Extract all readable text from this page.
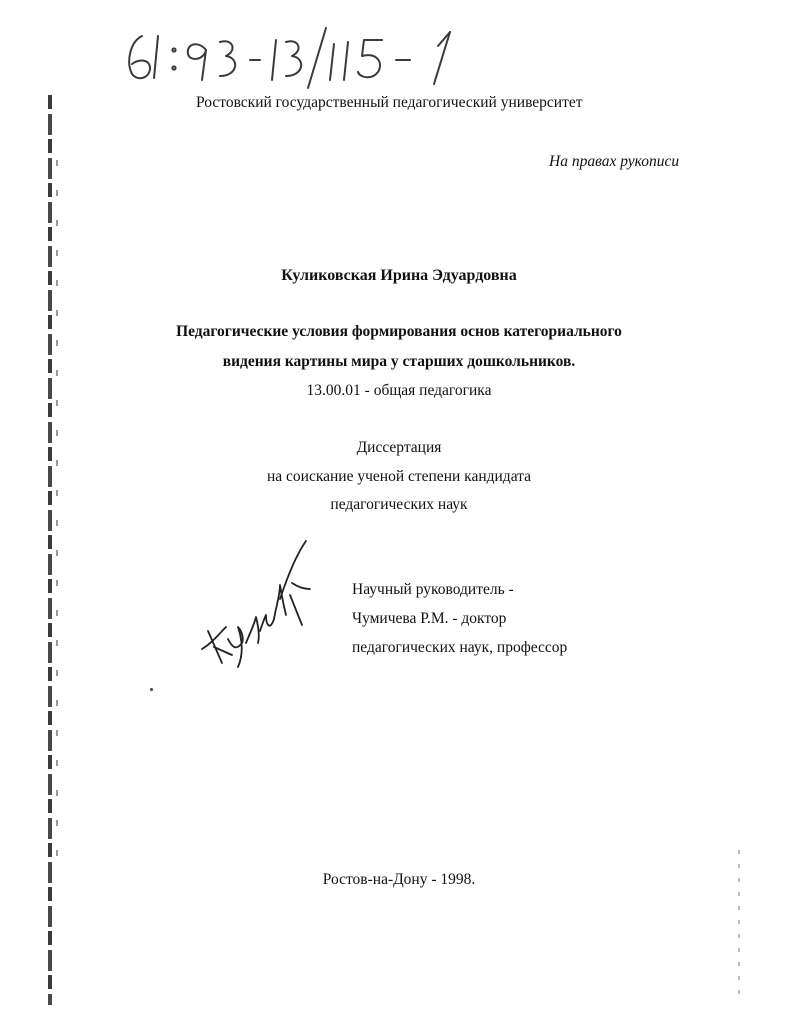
Ростовский государственный педагогический университет
На правах рукописи
Куликовская Ирина Эдуардовна
Педагогические условия формирования основ категориального
видения картины мира у старших дошкольников.
13.00.01 - общая педагогика
Диссертация
на соискание ученой степени кандидата
педагогических наук
Научный руководитель -
Чумичева Р.М. - доктор
педагогических наук, профессор
Ростов-на-Дону - 1998.
